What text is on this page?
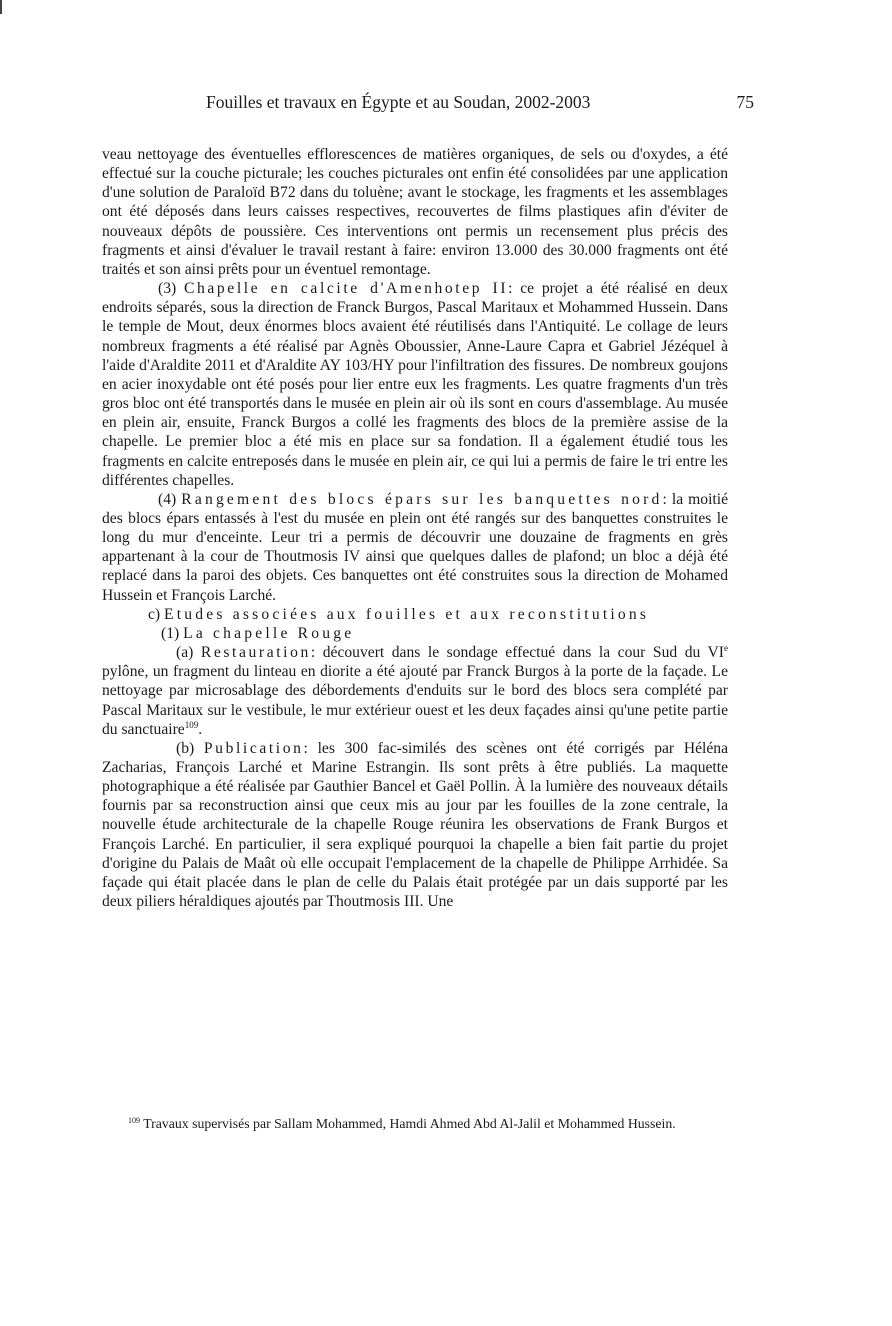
Fouilles et travaux en Égypte et au Soudan, 2002-2003	75

veau nettoyage des éventuelles efflorescences de matières organiques, de sels ou d'oxydes, a été effectué sur la couche picturale; les couches picturales ont enfin été consolidées par une application d'une solution de Paraloïd B72 dans du toluène; avant le stockage, les fragments et les assemblages ont été déposés dans leurs caisses respectives, recouvertes de films plastiques afin d'éviter de nouveaux dépôts de poussière. Ces interventions ont permis un recensement plus précis des fragments et ainsi d'évaluer le travail restant à faire: environ 13.000 des 30.000 fragments ont été traités et son ainsi prêts pour un éventuel remontage.

(3) Chapelle en calcite d'Amenhotep II: ce projet a été réalisé en deux endroits séparés, sous la direction de Franck Burgos, Pascal Maritaux et Mohammed Hussein. Dans le temple de Mout, deux énormes blocs avaient été réutilisés dans l'Antiquité. Le collage de leurs nombreux fragments a été réalisé par Agnès Oboussier, Anne-Laure Capra et Gabriel Jézéquel à l'aide d'Araldite 2011 et d'Araldite AY 103/HY pour l'infiltration des fissures. De nombreux goujons en acier inoxydable ont été posés pour lier entre eux les fragments. Les quatre fragments d'un très gros bloc ont été transportés dans le musée en plein air où ils sont en cours d'assemblage. Au musée en plein air, ensuite, Franck Burgos a collé les fragments des blocs de la première assise de la chapelle. Le premier bloc a été mis en place sur sa fondation. Il a également étudié tous les fragments en calcite entreposés dans le musée en plein air, ce qui lui a permis de faire le tri entre les différentes chapelles.

(4) Rangement des blocs épars sur les banquettes nord: la moitié des blocs épars entassés à l'est du musée en plein ont été rangés sur des banquettes construites le long du mur d'enceinte. Leur tri a permis de découvrir une douzaine de fragments en grès appartenant à la cour de Thoutmosis IV ainsi que quelques dalles de plafond; un bloc a déjà été replacé dans la paroi des objets. Ces banquettes ont été construites sous la direction de Mohamed Hussein et François Larché.

c) Etudes associées aux fouilles et aux reconstitutions

(1) La chapelle Rouge

(a) Restauration: découvert dans le sondage effectué dans la cour Sud du VIe pylône, un fragment du linteau en diorite a été ajouté par Franck Burgos à la porte de la façade. Le nettoyage par microsablage des débordements d'enduits sur le bord des blocs sera complété par Pascal Maritaux sur le vestibule, le mur extérieur ouest et les deux façades ainsi qu'une petite partie du sanctuaire$^{109}$.

(b) Publication: les 300 fac-similés des scènes ont été corrigés par Héléna Zacharias, François Larché et Marine Estrangin. Ils sont prêts à être publiés. La maquette photographique a été réalisée par Gauthier Bancel et Gaël Pollin. À la lumière des nouveaux détails fournis par sa reconstruction ainsi que ceux mis au jour par les fouilles de la zone centrale, la nouvelle étude architecturale de la chapelle Rouge réunira les observations de Frank Burgos et François Larché. En particulier, il sera expliqué pourquoi la chapelle a bien fait partie du projet d'origine du Palais de Maât où elle occupait l'emplacement de la chapelle de Philippe Arrhidée. Sa façade qui était placée dans le plan de celle du Palais était protégée par un dais supporté par les deux piliers héraldiques ajoutés par Thoutmosis III. Une

$^{109}$ Travaux supervisés par Sallam Mohammed, Hamdi Ahmed Abd Al-Jalil et Mohammed Hussein.
